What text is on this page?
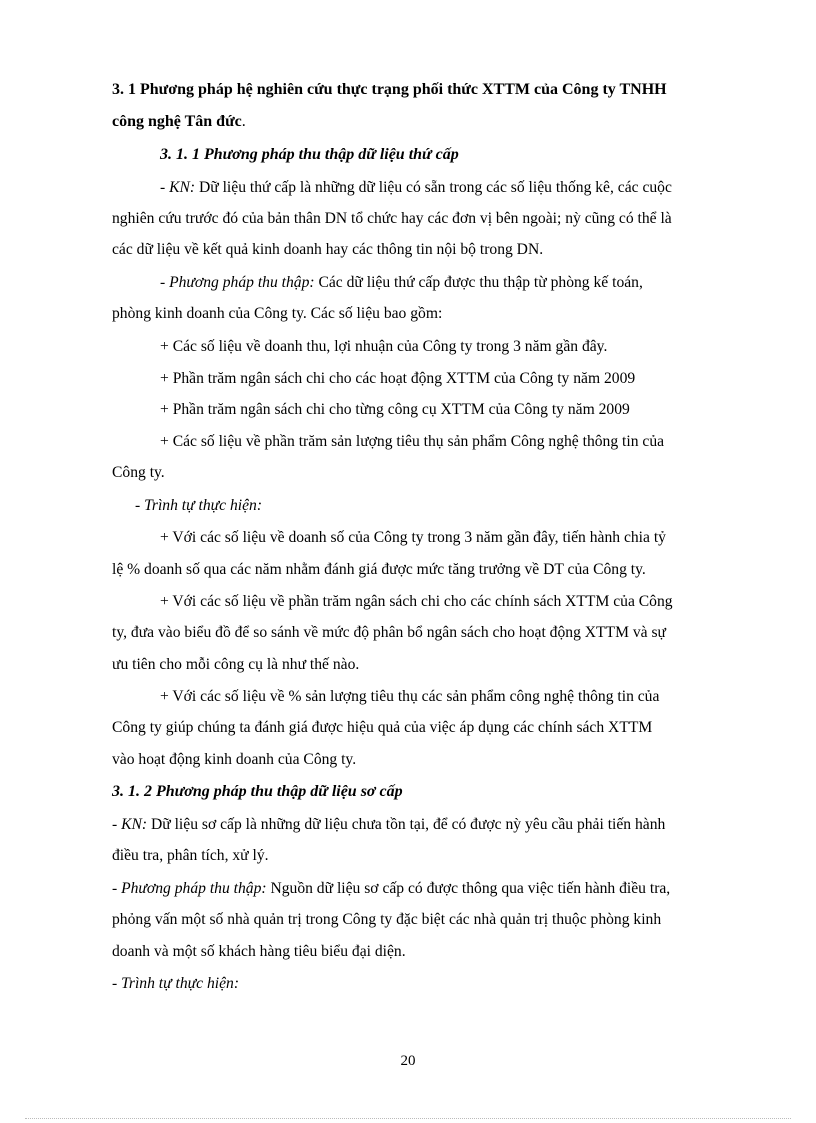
3. 1 Phương pháp hệ nghiên cứu thực trạng phối thức XTTM của Công ty TNHH
công nghệ Tân đức.
3. 1. 1 Phương pháp thu thập dữ liệu thứ cấp
- KN: Dữ liệu thứ cấp là những dữ liệu có sẵn trong các số liệu thống kê, các cuộc
nghiên cứu trước đó của bản thân DN tổ chức hay các đơn vị bên ngoài; nỳ cũng có thể là
các dữ liệu về kết quả kinh doanh hay các thông tin nội bộ trong DN.
- Phương pháp thu thập: Các dữ liệu thứ cấp được thu thập từ phòng kế toán,
phòng kinh doanh của Công ty. Các số liệu bao gồm:
+ Các số liệu về doanh thu, lợi nhuận của Công ty trong 3 năm gần đây.
+ Phần trăm ngân sách chi cho các hoạt động XTTM của Công ty năm 2009
+ Phần trăm ngân sách chi cho từng công cụ XTTM của Công ty năm 2009
+ Các số liệu về phần trăm sản lượng tiêu thụ sản phẩm Công nghệ thông tin của
Công ty.
- Trình tự thực hiện:
+ Với các số liệu về doanh số của Công ty trong 3 năm gần đây, tiến hành chia tỷ
lệ % doanh số qua các năm nhằm đánh giá được mức tăng trưởng về DT của Công ty.
+ Với các số liệu về phần trăm ngân sách chi cho các chính sách XTTM của Công
ty, đưa vào biểu đồ để so sánh về mức độ phân bổ ngân sách cho hoạt động XTTM và sự
ưu tiên cho mỗi công cụ là như thế nào.
+ Với các số liệu về % sản lượng tiêu thụ các sản phẩm công nghệ thông tin của
Công ty giúp chúng ta đánh giá được hiệu quả của việc áp dụng các chính sách XTTM
vào hoạt động kinh doanh của Công ty.
3. 1. 2 Phương pháp thu thập dữ liệu sơ cấp
- KN: Dữ liệu sơ cấp là những dữ liệu chưa tồn tại, để có được nỳ yêu cầu phải tiến hành
điều tra, phân tích, xử lý.
- Phương pháp thu thập: Nguồn dữ liệu sơ cấp có được thông qua việc tiến hành điều tra,
phỏng vấn một số nhà quản trị trong Công ty đặc biệt các nhà quản trị thuộc phòng kinh
doanh và một số khách hàng tiêu biểu đại diện.
- Trình tự thực hiện:
20
